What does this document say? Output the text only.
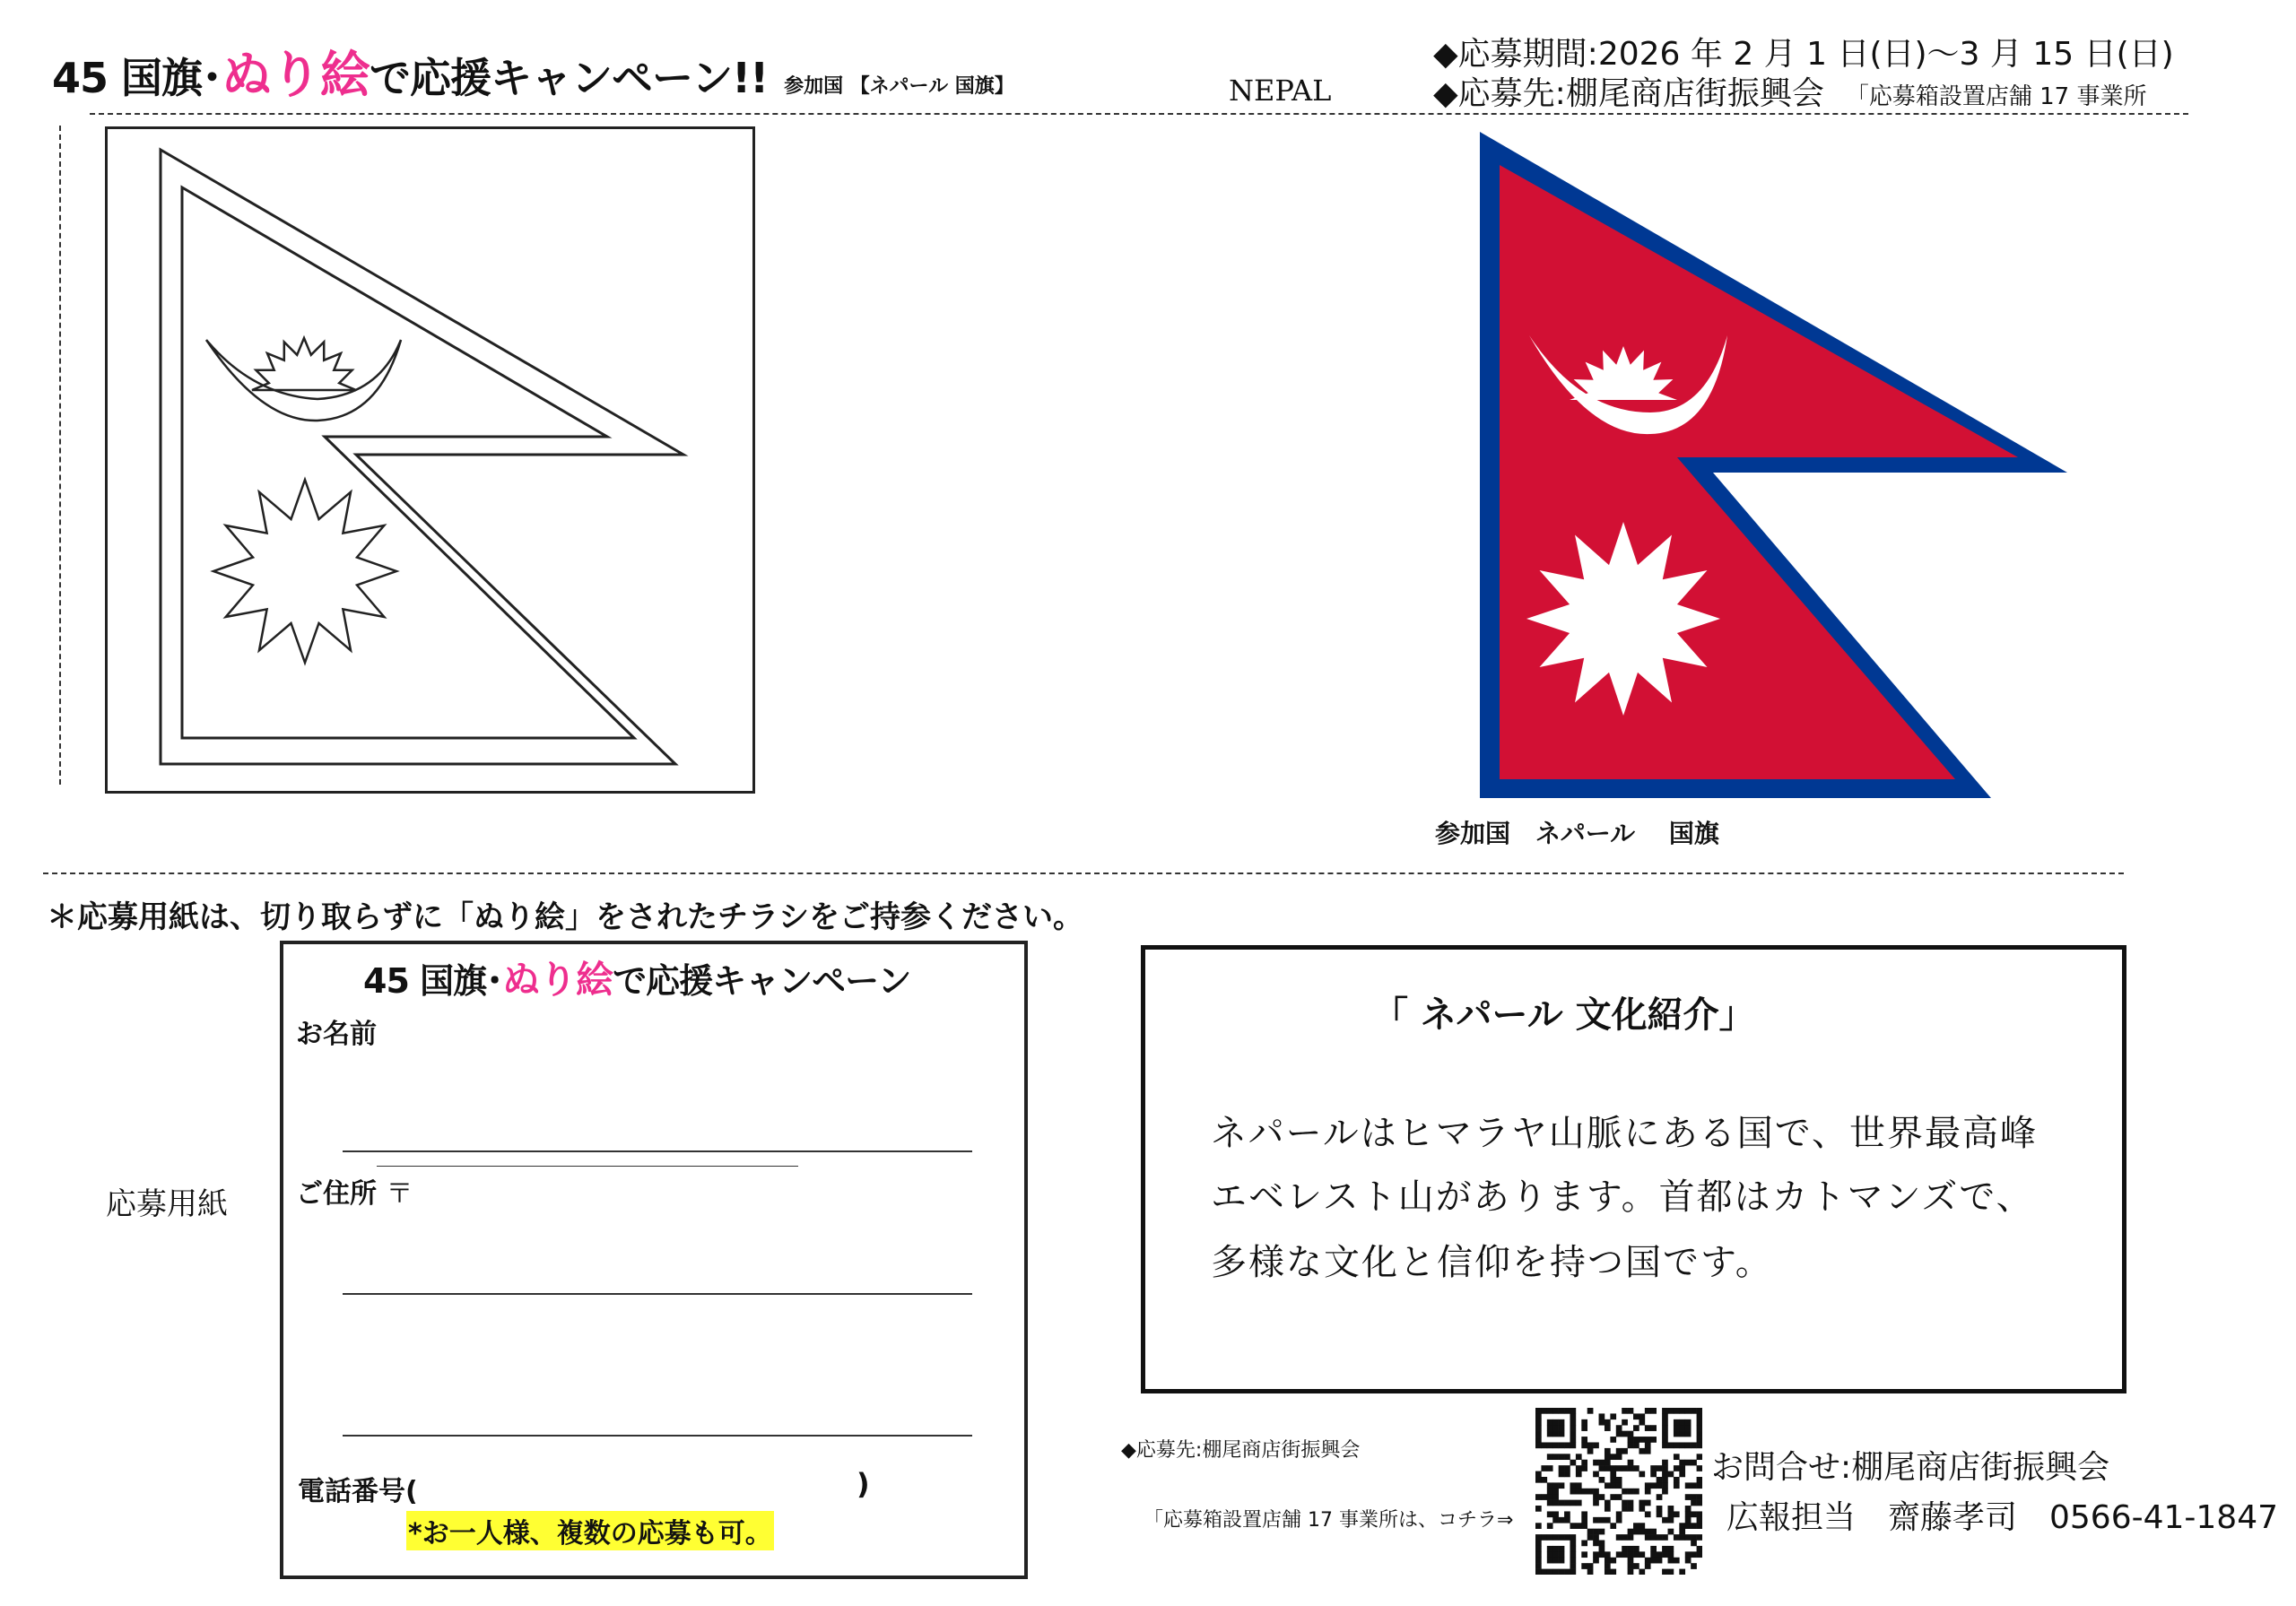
45 国旗･ぬり絵で応援キャンペーン!! 参加国 【ネパール 国旗】	NEPAL
◆応募期間:2026 年 2 月 1 日(日)～3 月 15 日(日)
◆応募先:棚尾商店街振興会 「応募箱設置店舗 17 事業所
参加国　ネパール　 国旗
＊応募用紙は、切り取らずに「ぬり絵」をされたチラシをご持参ください。
応募用紙
45 国旗･ぬり絵で応援キャンペーン
お名前
ご住所 〒
電話番号(	)
*お一人様、複数の応募も可。
「 ネパール 文化紹介」
ネパールはヒマラヤ山脈にある国で、世界最高峰
エベレスト山があります。首都はカトマンズで、
多様な文化と信仰を持つ国です。
◆応募先:棚尾商店街振興会
「応募箱設置店舗 17 事業所は、コチラ⇒
お問合せ:棚尾商店街振興会
広報担当　齋藤孝司　0566-41-1847
